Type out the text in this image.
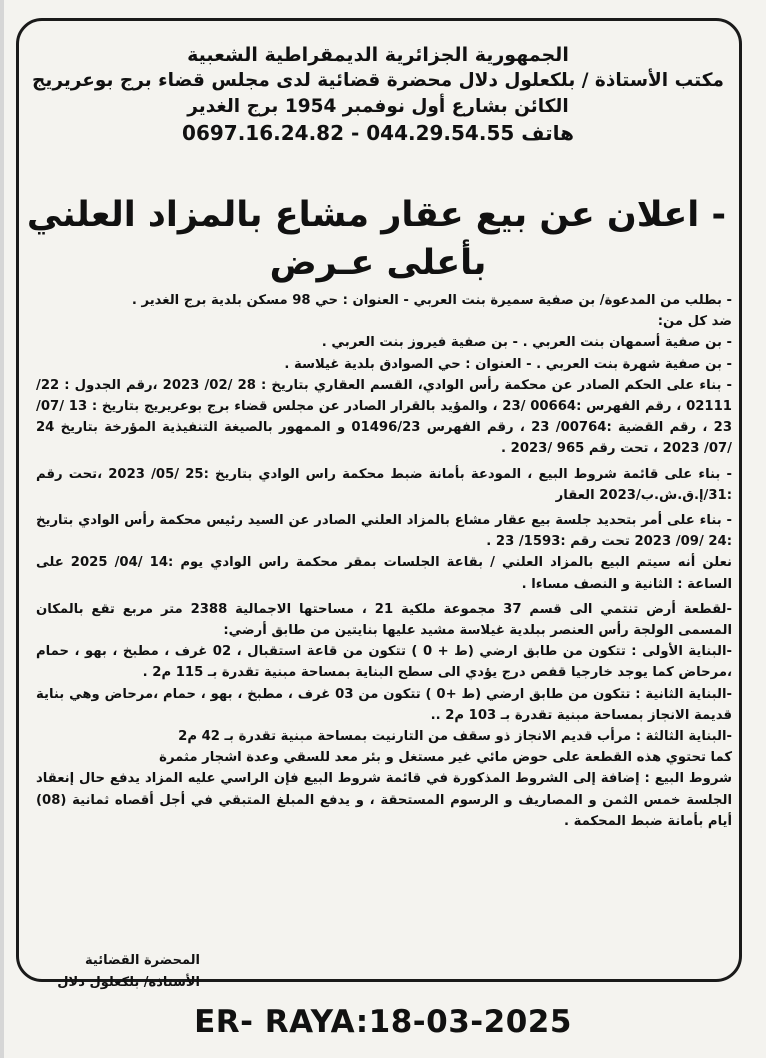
الجمهورية الجزائرية الديمقراطية الشعبية
مكتب الأستاذة / بلكعلول دلال محضرة قضائية لدى مجلس قضاء برج بوعريريج
الكائن بشارع أول نوفمبر 1954 برج الغدير
هاتف 044.29.54.55 - 0697.16.24.82
- اعلان عن بيع عقار مشاع بالمزاد العلني
بأعلى عـرض

- بطلب من المدعوة/ بن صفية سميرة بنت العربي - العنوان : حي 98 مسكن بلدية برج الغدير .

ضد كل من:

- بن صفية أسمهان بنت العربي . - بن صفية فيروز بنت العربي .

- بن صفية شهرة بنت العربي . - العنوان : حي الصوادق بلدية غيلاسة .

- بناء على الحكم الصادر عن محكمة رأس الوادي، القسم العقاري بتاريخ : 28 /02/ 2023 ،رقم الجدول : 22/ 02111 ، رقم الفهرس :00664 /23 ، والمؤيد بالقرار الصادر عن مجلس قضاء برج بوعريريج بتاريخ : 13 /07/ 23 ، رقم القضية :00764/ 23 ، رقم الفهرس 01496/23 و الممهور بالصيغة التنفيذية المؤرخة بتاريخ 24 /07/ 2023 ، تحت رقم 965 /2023 .

- بناء على قائمة شروط البيع ، المودعة بأمانة ضبط محكمة راس الوادي بتاريخ :25 /05/ 2023 ،تحت رقم :31/إ.ق.ش.ب/2023 العقار

- بناء على أمر بتحديد جلسة بيع عقار مشاع بالمزاد العلني الصادر عن السيد رئيس محكمة رأس الوادي بتاريخ :24 /09/ 2023 تحت رقم :1593/ 23 .

نعلن أنه سيتم البيع بالمزاد العلني / بقاعة الجلسات بمقر محكمة راس الوادي يوم :14 /04/ 2025 على الساعة : الثانية و النصف مساءا .

-لقطعة أرض تنتمي الى قسم 37 مجموعة ملكية 21 ، مساحتها الاجمالية 2388 متر مربع تقع بالمكان المسمى الولجة رأس العنصر ببلدية غيلاسة مشيد عليها بنايتين من طابق أرضي:

-البناية الأولى : تتكون من طابق ارضي (ط + 0 ) تتكون من قاعة استقبال ، 02 غرف ، مطبخ ، بهو ، حمام ،مرحاض كما يوجد خارجيا قفص درج يؤدي الى سطح البناية بمساحة مبنية تقدرة بـ 115 م2 .

-البناية الثانية : تتكون من طابق ارضي (ط +0 ) تتكون من 03 غرف ، مطبخ ، بهو ، حمام ،مرحاض وهي بناية قديمة الانجاز بمساحة مبنية تقدرة بـ 103 م2 ..

-البناية الثالثة : مرأب قديم الانجاز ذو سقف من التارنيت بمساحة مبنية تقدرة بـ 42 م2

كما تحتوي هذه القطعة على حوض مائي غير مستغل و بئر معد للسقي وعدة اشجار مثمرة

شروط البيع : إضافة إلى الشروط المذكورة في قائمة شروط البيع فإن الراسي عليه المزاد يدفع حال إنعقاد الجلسة خمس الثمن و المصاريف و الرسوم المستحقة ، و يدفع المبلغ المتبقي في أجل أقصاه ثمانية (08) أيام بأمانة ضبط المحكمة .

المحضرة القضائية
الأستاذة/ بلكعلول دلال
ER- RAYA:18-03-2025
